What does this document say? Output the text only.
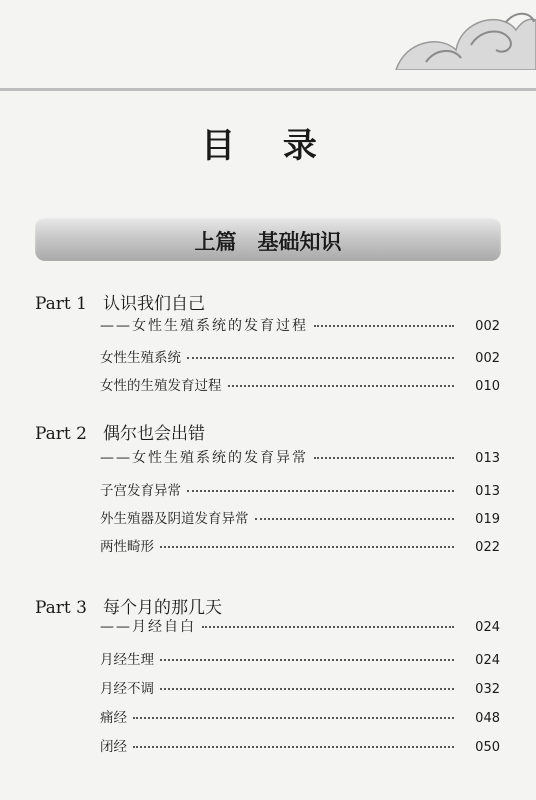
目 录
上篇　基础知识
Part 1 认识我们自己
——女性生殖系统的发育过程	002
女性生殖系统	002
女性的生殖发育过程	010
Part 2 偶尔也会出错
——女性生殖系统的发育异常	013
子宫发育异常	013
外生殖器及阴道发育异常	019
两性畸形	022
Part 3 每个月的那几天
——月经自白	024
月经生理	024
月经不调	032
痛经	048
闭经	050
